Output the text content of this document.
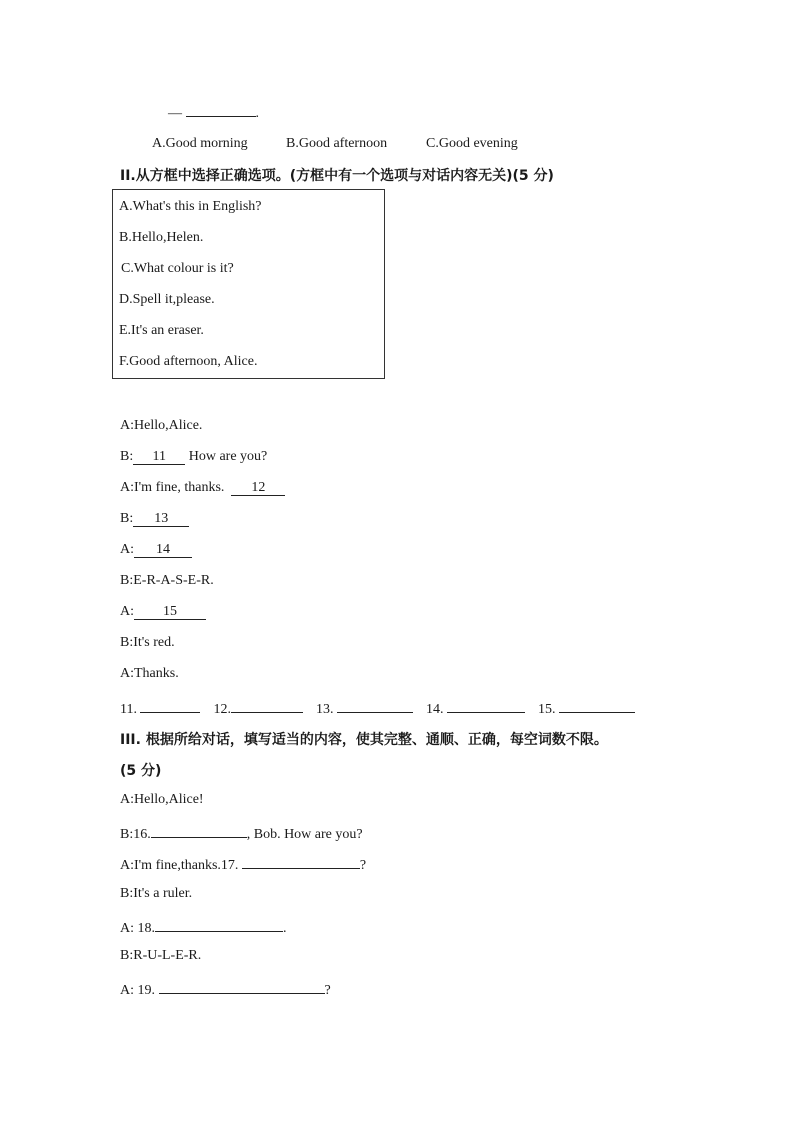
—	.
A.Good morning	B.Good afternoon	C.Good evening
II.从方框中选择正确选项。(方框中有一个选项与对话内容无关)(5 分)
A.What's this in English?
B.Hello,Helen.
C.What colour is it?
D.Spell it,please.
E.It's an eraser.
F.Good afternoon, Alice.
A:Hello,Alice.
B: 11 How are you?
A:I'm fine, thanks.  12
B: 13
A: 14
B:E-R-A-S-E-R.
A: 15
B:It's red.
A:Thanks.
11.	12.	13.	14.	15.
III. 根据所给对话，填写适当的内容，使其完整、通顺、正确，每空词数不限。
(5 分)
A:Hello,Alice!
B:16.	, Bob. How are you?
A:I'm fine,thanks.17.	?
B:It's a ruler.
A: 18.	.
B:R-U-L-E-R.
A: 19.	?
